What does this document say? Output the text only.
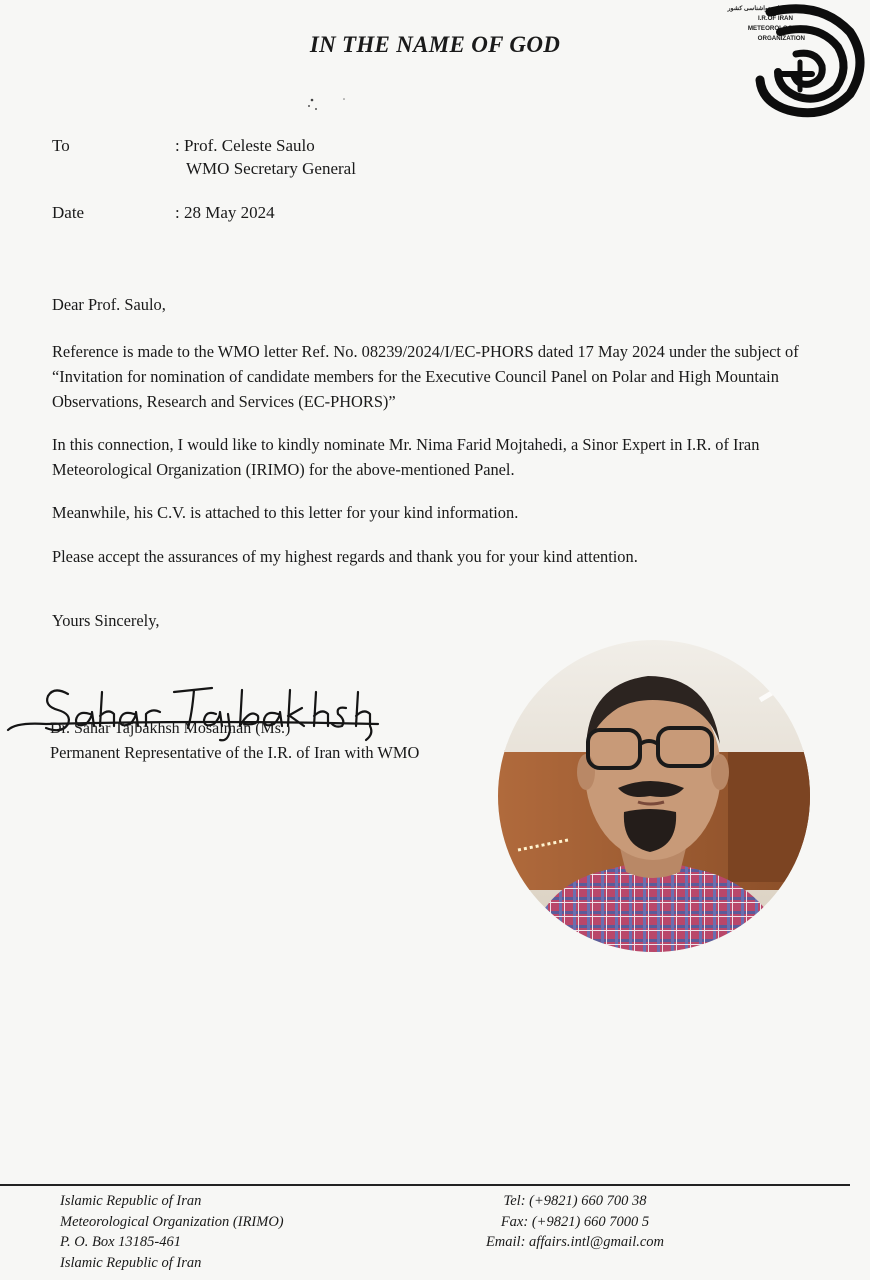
IN THE NAME OF GOD
سازمان هواشناسی کشور
I.R.OF IRAN
METEOROLOGICAL
ORGANIZATION
To	: Prof. Celeste Saulo
WMO Secretary General
Date	: 28 May 2024
Dear Prof. Saulo,
Reference is made to the WMO letter Ref. No. 08239/2024/I/EC-PHORS dated 17 May 2024 under the subject of “Invitation for nomination of candidate members for the Executive Council Panel on Polar and High Mountain Observations, Research and Services (EC-PHORS)”
In this connection, I would like to kindly nominate Mr. Nima Farid Mojtahedi, a Sinor Expert in I.R. of Iran Meteorological Organization (IRIMO) for the above-mentioned Panel.
Meanwhile, his C.V. is attached to this letter for your kind information.
Please accept the assurances of my highest regards and thank you for your kind attention.
Yours Sincerely,
Dr. Sahar Tajbakhsh Mosalman (Ms.)
Permanent Representative of the I.R. of Iran with WMO
Islamic Republic of Iran
Meteorological Organization (IRIMO)
P. O. Box 13185-461
Islamic Republic of Iran
Tel: (+9821) 660 700 38
Fax: (+9821) 660 7000 5
Email: affairs.intl@gmail.com
